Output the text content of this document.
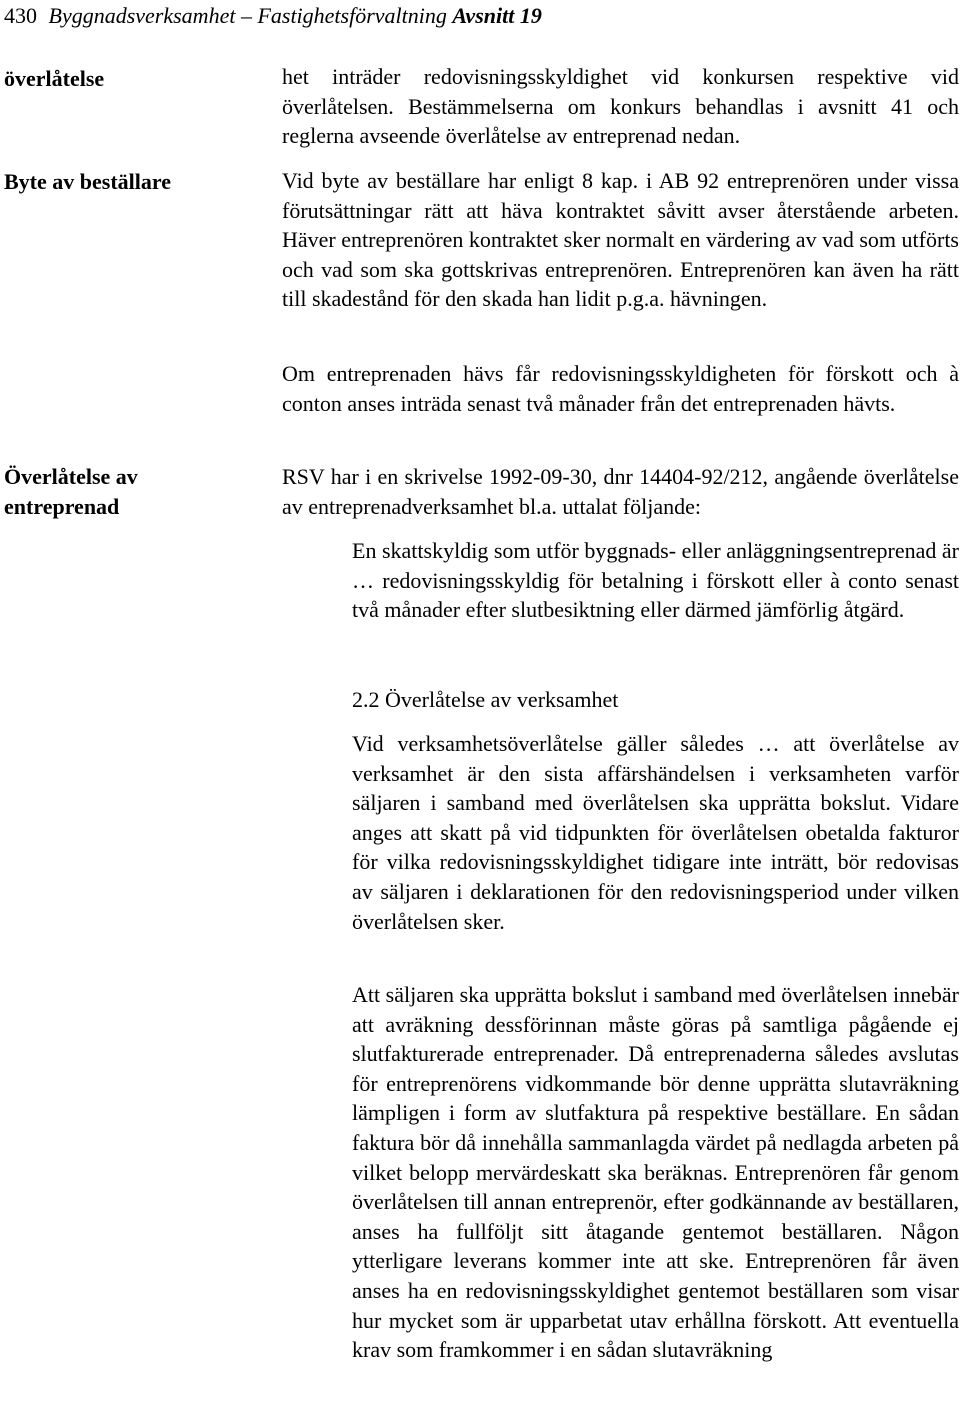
430 Byggnadsverksamhet – Fastighetsförvaltning Avsnitt 19
överlåtelse
Byte av beställare
Överlåtelse av entreprenad

het inträder redovisningsskyldighet vid konkursen respektive vid överlåtelsen. Bestämmelserna om konkurs behandlas i avsnitt 41 och reglerna avseende överlåtelse av entreprenad nedan.

Vid byte av beställare har enligt 8 kap. i AB 92 entreprenören under vissa förutsättningar rätt att häva kontraktet såvitt avser återstående arbeten. Häver entreprenören kontraktet sker normalt en värdering av vad som utförts och vad som ska gottskrivas entreprenören. Entreprenören kan även ha rätt till skadestånd för den skada han lidit p.g.a. hävningen.

Om entreprenaden hävs får redovisningsskyldigheten för förskott och à conton anses inträda senast två månader från det entreprenaden hävts.

RSV har i en skrivelse 1992-09-30, dnr 14404-92/212, angående överlåtelse av entreprenadverksamhet bl.a. uttalat följande:

En skattskyldig som utför byggnads- eller anläggningsentreprenad är … redovisningsskyldig för betalning i förskott eller à conto senast två månader efter slutbesiktning eller därmed jämförlig åtgärd.

2.2 Överlåtelse av verksamhet

Vid verksamhetsöverlåtelse gäller således … att överlåtelse av verksamhet är den sista affärshändelsen i verksamheten varför säljaren i samband med överlåtelsen ska upprätta bokslut. Vidare anges att skatt på vid tidpunkten för överlåtelsen obetalda fakturor för vilka redovisningsskyldighet tidigare inte inträtt, bör redovisas av säljaren i deklarationen för den redovisningsperiod under vilken överlåtelsen sker.

Att säljaren ska upprätta bokslut i samband med överlåtelsen innebär att avräkning dessförinnan måste göras på samtliga pågående ej slutfakturerade entreprenader. Då entreprenaderna således avslutas för entreprenörens vidkommande bör denne upprätta slutavräkning lämpligen i form av slutfaktura på respektive beställare. En sådan faktura bör då innehålla sammanlagda värdet på nedlagda arbeten på vilket belopp mervärdeskatt ska beräknas. Entreprenören får genom överlåtelsen till annan entreprenör, efter godkännande av beställaren, anses ha fullföljt sitt åtagande gentemot beställaren. Någon ytterligare leverans kommer inte att ske. Entreprenören får även anses ha en redovisningsskyldighet gentemot beställaren som visar hur mycket som är upparbetat utav erhållna förskott. Att eventuella krav som framkommer i en sådan slutavräkning
